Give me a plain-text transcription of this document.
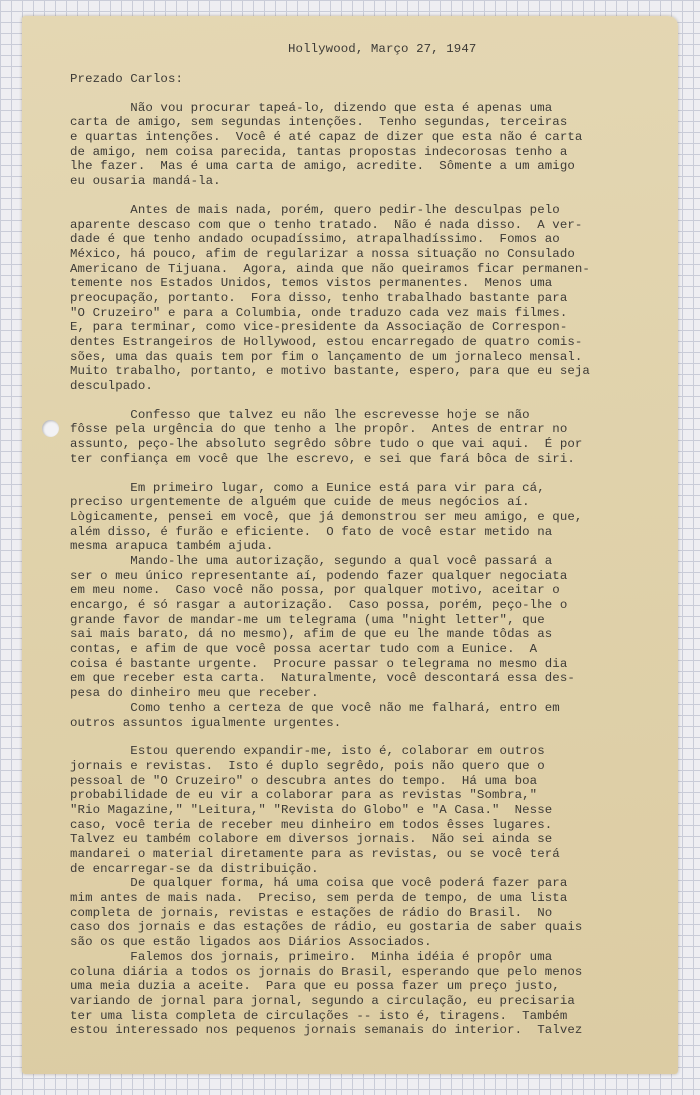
Hollywood, Março 27, 1947
Prezado Carlos:
Não vou procurar tapeá-lo, dizendo que esta é apenas uma
carta de amigo, sem segundas intenções.  Tenho segundas, terceiras
e quartas intenções.  Você é até capaz de dizer que esta não é carta
de amigo, nem coisa parecida, tantas propostas indecorosas tenho a
lhe fazer.  Mas é uma carta de amigo, acredite.  Sômente a um amigo
eu ousaria mandá-la.
Antes de mais nada, porém, quero pedir-lhe desculpas pelo
aparente descaso com que o tenho tratado.  Não é nada disso.  A ver-
dade é que tenho andado ocupadíssimo, atrapalhadíssimo.  Fomos ao
México, há pouco, afim de regularizar a nossa situação no Consulado
Americano de Tijuana.  Agora, ainda que não queiramos ficar permanen-
temente nos Estados Unidos, temos vistos permanentes.  Menos uma
preocupação, portanto.  Fora disso, tenho trabalhado bastante para
"O Cruzeiro" e para a Columbia, onde traduzo cada vez mais filmes.
E, para terminar, como vice-presidente da Associação de Correspon-
dentes Estrangeiros de Hollywood, estou encarregado de quatro comis-
sões, uma das quais tem por fim o lançamento de um jornaleco mensal.
Muito trabalho, portanto, e motivo bastante, espero, para que eu seja
desculpado.
Confesso que talvez eu não lhe escrevesse hoje se não
fôsse pela urgência do que tenho a lhe propôr.  Antes de entrar no
assunto, peço-lhe absoluto segrêdo sôbre tudo o que vai aqui.  É por
ter confiança em você que lhe escrevo, e sei que fará bôca de siri.
Em primeiro lugar, como a Eunice está para vir para cá,
preciso urgentemente de alguém que cuide de meus negócios aí.
Lògicamente, pensei em você, que já demonstrou ser meu amigo, e que,
além disso, é furão e eficiente.  O fato de você estar metido na
mesma arapuca também ajuda.
Mando-lhe uma autorização, segundo a qual você passará a
ser o meu único representante aí, podendo fazer qualquer negociata
em meu nome.  Caso você não possa, por qualquer motivo, aceitar o
encargo, é só rasgar a autorização.  Caso possa, porém, peço-lhe o
grande favor de mandar-me um telegrama (uma "night letter", que
sai mais barato, dá no mesmo), afim de que eu lhe mande tôdas as
contas, e afim de que você possa acertar tudo com a Eunice.  A
coisa é bastante urgente.  Procure passar o telegrama no mesmo dia
em que receber esta carta.  Naturalmente, você descontará essa des-
pesa do dinheiro meu que receber.
Como tenho a certeza de que você não me falhará, entro em
outros assuntos igualmente urgentes.
Estou querendo expandir-me, isto é, colaborar em outros
jornais e revistas.  Isto é duplo segrêdo, pois não quero que o
pessoal de "O Cruzeiro" o descubra antes do tempo.  Há uma boa
probabilidade de eu vir a colaborar para as revistas "Sombra,"
"Rio Magazine," "Leitura," "Revista do Globo" e "A Casa."  Nesse
caso, você teria de receber meu dinheiro em todos êsses lugares.
Talvez eu também colabore em diversos jornais.  Não sei ainda se
mandarei o material diretamente para as revistas, ou se você terá
de encarregar-se da distribuição.
De qualquer forma, há uma coisa que você poderá fazer para
mim antes de mais nada.  Preciso, sem perda de tempo, de uma lista
completa de jornais, revistas e estações de rádio do Brasil.  No
caso dos jornais e das estações de rádio, eu gostaria de saber quais
são os que estão ligados aos Diários Associados.
Falemos dos jornais, primeiro.  Minha idéia é propôr uma
coluna diária a todos os jornais do Brasil, esperando que pelo menos
uma meia duzia a aceite.  Para que eu possa fazer um preço justo,
variando de jornal para jornal, segundo a circulação, eu precisaria
ter uma lista completa de circulações -- isto é, tiragens.  Também
estou interessado nos pequenos jornais semanais do interior.  Talvez
